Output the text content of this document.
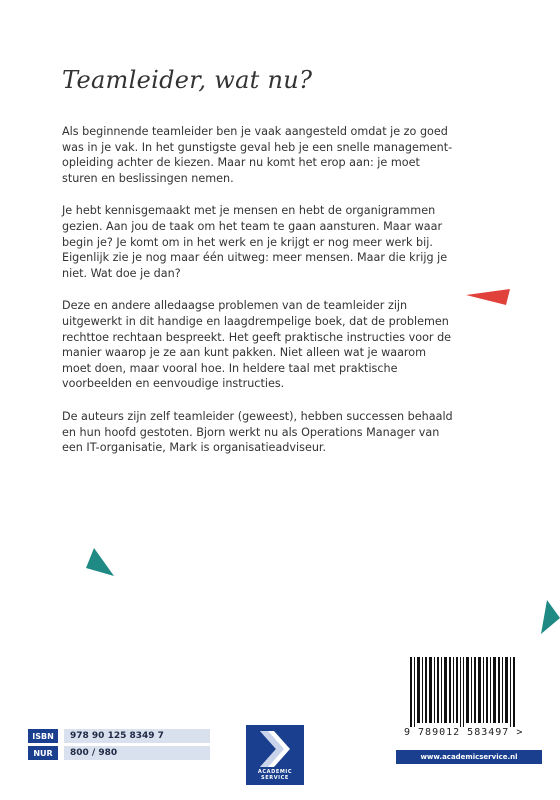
Teamleider, wat nu?

Als beginnende teamleider ben je vaak aangesteld omdat je zo goed was in je vak. In het gunstigste geval heb je een snelle management-opleiding achter de kiezen. Maar nu komt het erop aan: je moet sturen en beslissingen nemen.

Je hebt kennisgemaakt met je mensen en hebt de organigrammen gezien. Aan jou de taak om het team te gaan aansturen. Maar waar begin je? Je komt om in het werk en je krijgt er nog meer werk bij. Eigenlijk zie je nog maar één uitweg: meer mensen. Maar die krijg je niet. Wat doe je dan?

Deze en andere alledaagse problemen van de teamleider zijn uitgewerkt in dit handige en laagdrempelige boek, dat de problemen rechttoe rechtaan bespreekt. Het geeft praktische instructies voor de manier waarop je ze aan kunt pakken. Niet alleen wat je waarom moet doen, maar vooral hoe. In heldere taal met praktische voorbeelden en eenvoudige instructies.

De auteurs zijn zelf teamleider (geweest), hebben successen behaald en hun hoofd gestoten. Bjorn werkt nu als Operations Manager van een IT-organisatie, Mark is organisatieadviseur.

9 789012 583497 >
ISBN	978 90 125 8349 7
NUR	800 / 980
ACADEMIC
SERVICE
www.academicservice.nl
